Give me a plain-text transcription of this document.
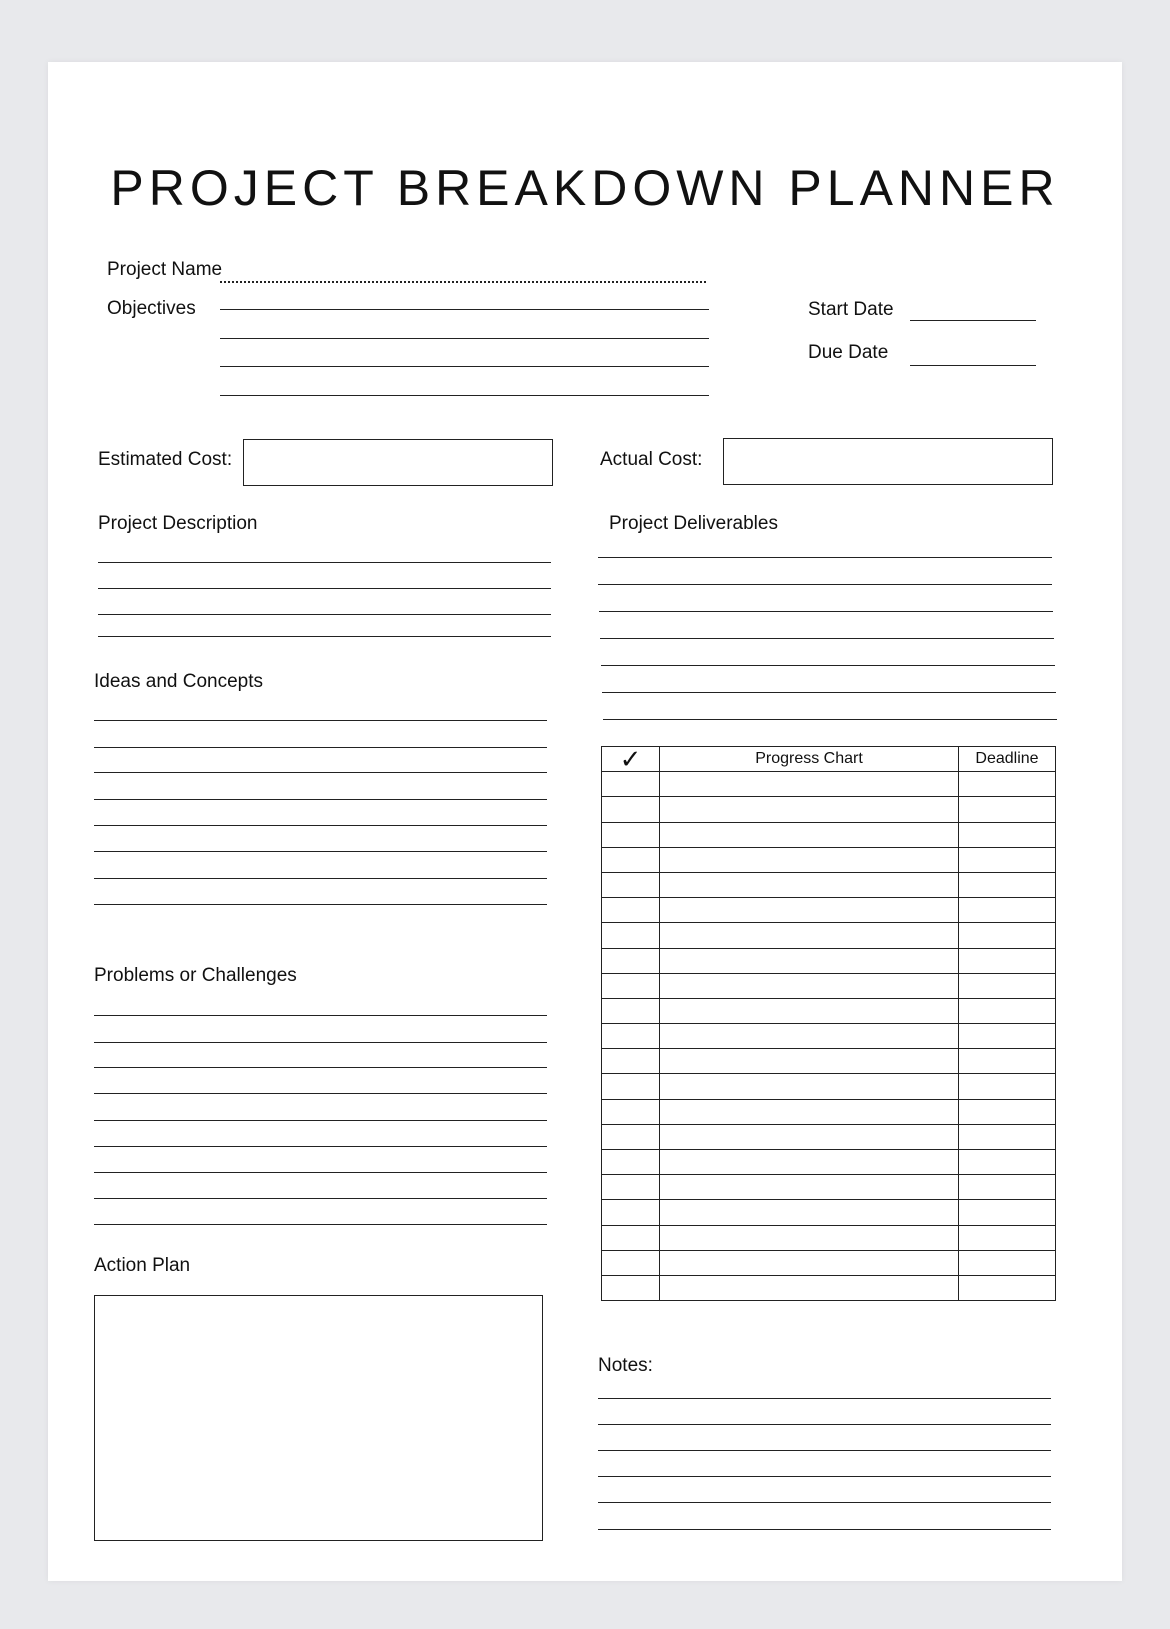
PROJECT BREAKDOWN PLANNER
Project Name
Objectives	Start Date
Due Date
Estimated Cost:	Actual Cost:
Project Description	Project Deliverables
Ideas and Concepts
Problems or Challenges
Action Plan
✓	Progress Chart	Deadline

Notes:
